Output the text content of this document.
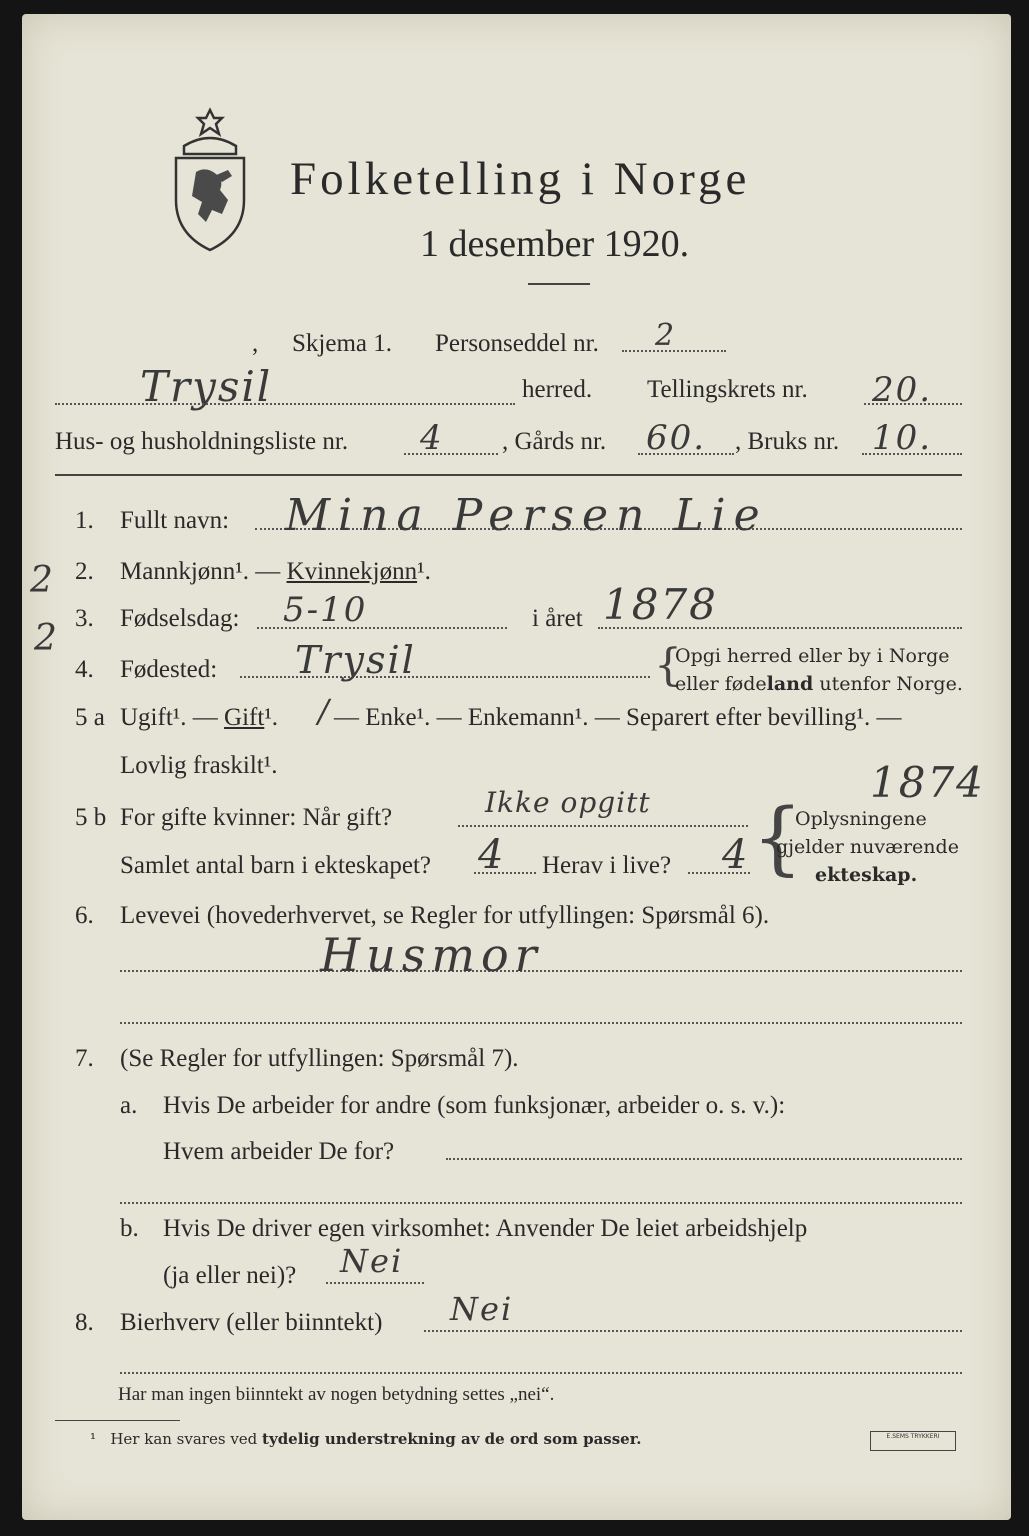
Folketelling i Norge
1 desember 1920.
, Skjema 1. Personseddel nr. 2
Trysil	herred. Tellingskrets nr. 20.
Hus- og husholdningsliste nr. 4 , Gårds nr. 60. , Bruks nr. 10.
1. Fullt navn: Mina Persen Lie
2 2. Mannkjønn¹. — Kvinnekjønn¹.
2 3. Fødselsdag: 5-10	i året 1878
4. Fødested: Trysil	{
Opgi herred eller by i Norge
eller fødeland utenfor Norge.
5 a Ugift¹. — Gift¹. / — Enke¹. — Enkemann¹. — Separert efter bevilling¹. —
Lovlig fraskilt¹.	1874
5 b For gifte kvinner: Når gift?	Ikke opgitt
Samlet antal barn i ekteskapet? 4 Herav i live? 4 {
Oplysningene
gjelder nuværende
ekteskap.
6. Levevei (hovederhvervet, se Regler for utfyllingen: Spørsmål 6).
Husmor
7. (Se Regler for utfyllingen: Spørsmål 7).
a. Hvis De arbeider for andre (som funksjonær, arbeider o. s. v.):
Hvem arbeider De for?
b. Hvis De driver egen virksomhet: Anvender De leiet arbeidshjelp
(ja eller nei)? Nei
8. Bierhverv (eller biinntekt) Nei
Har man ingen biinntekt av nogen betydning settes „nei“.
¹ Her kan svares ved tydelig understrekning av de ord som passer.	E.SEMS TRYKKERI
